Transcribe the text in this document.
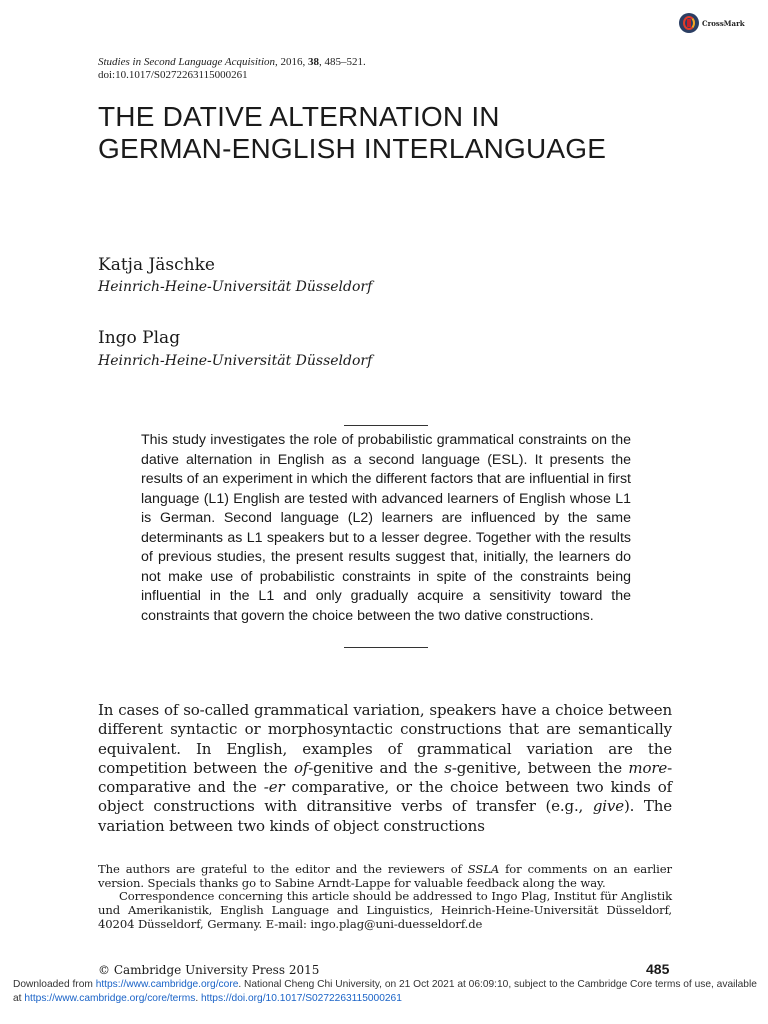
CrossMark
Studies in Second Language Acquisition, 2016, 38, 485–521.
doi:10.1017/S0272263115000261
THE DATIVE ALTERNATION IN
GERMAN-ENGLISH INTERLANGUAGE
Katja Jäschke
Heinrich-Heine-Universität Düsseldorf
Ingo Plag
Heinrich-Heine-Universität Düsseldorf
This study investigates the role of probabilistic grammatical constraints on the dative alternation in English as a second language (ESL). It presents the results of an experiment in which the different factors that are influential in first language (L1) English are tested with advanced learners of English whose L1 is German. Second language (L2) learners are influenced by the same determinants as L1 speakers but to a lesser degree. Together with the results of previous studies, the present results suggest that, initially, the learners do not make use of probabilistic constraints in spite of the constraints being influential in the L1 and only gradually acquire a sensitivity toward the constraints that govern the choice between the two dative constructions.
In cases of so-called grammatical variation, speakers have a choice between different syntactic or morphosyntactic constructions that are semantically equivalent. In English, examples of grammatical variation are the competition between the of-genitive and the s-genitive, between the more-comparative and the -er comparative, or the choice between two kinds of object constructions with ditransitive verbs of transfer (e.g., give). The variation between two kinds of object constructions

The authors are grateful to the editor and the reviewers of SSLA for comments on an earlier version. Specials thanks go to Sabine Arndt-Lappe for valuable feedback along the way.

Correspondence concerning this article should be addressed to Ingo Plag, Institut für Anglistik und Amerikanistik, English Language and Linguistics, Heinrich-Heine-Universität Düsseldorf, 40204 Düsseldorf, Germany. E-mail: ingo.plag@uni-duesseldorf.de

© Cambridge University Press 2015	485
Downloaded from https://www.cambridge.org/core. National Cheng Chi University, on 21 Oct 2021 at 06:09:10, subject to the Cambridge Core terms of use, available at https://www.cambridge.org/core/terms. https://doi.org/10.1017/S0272263115000261
